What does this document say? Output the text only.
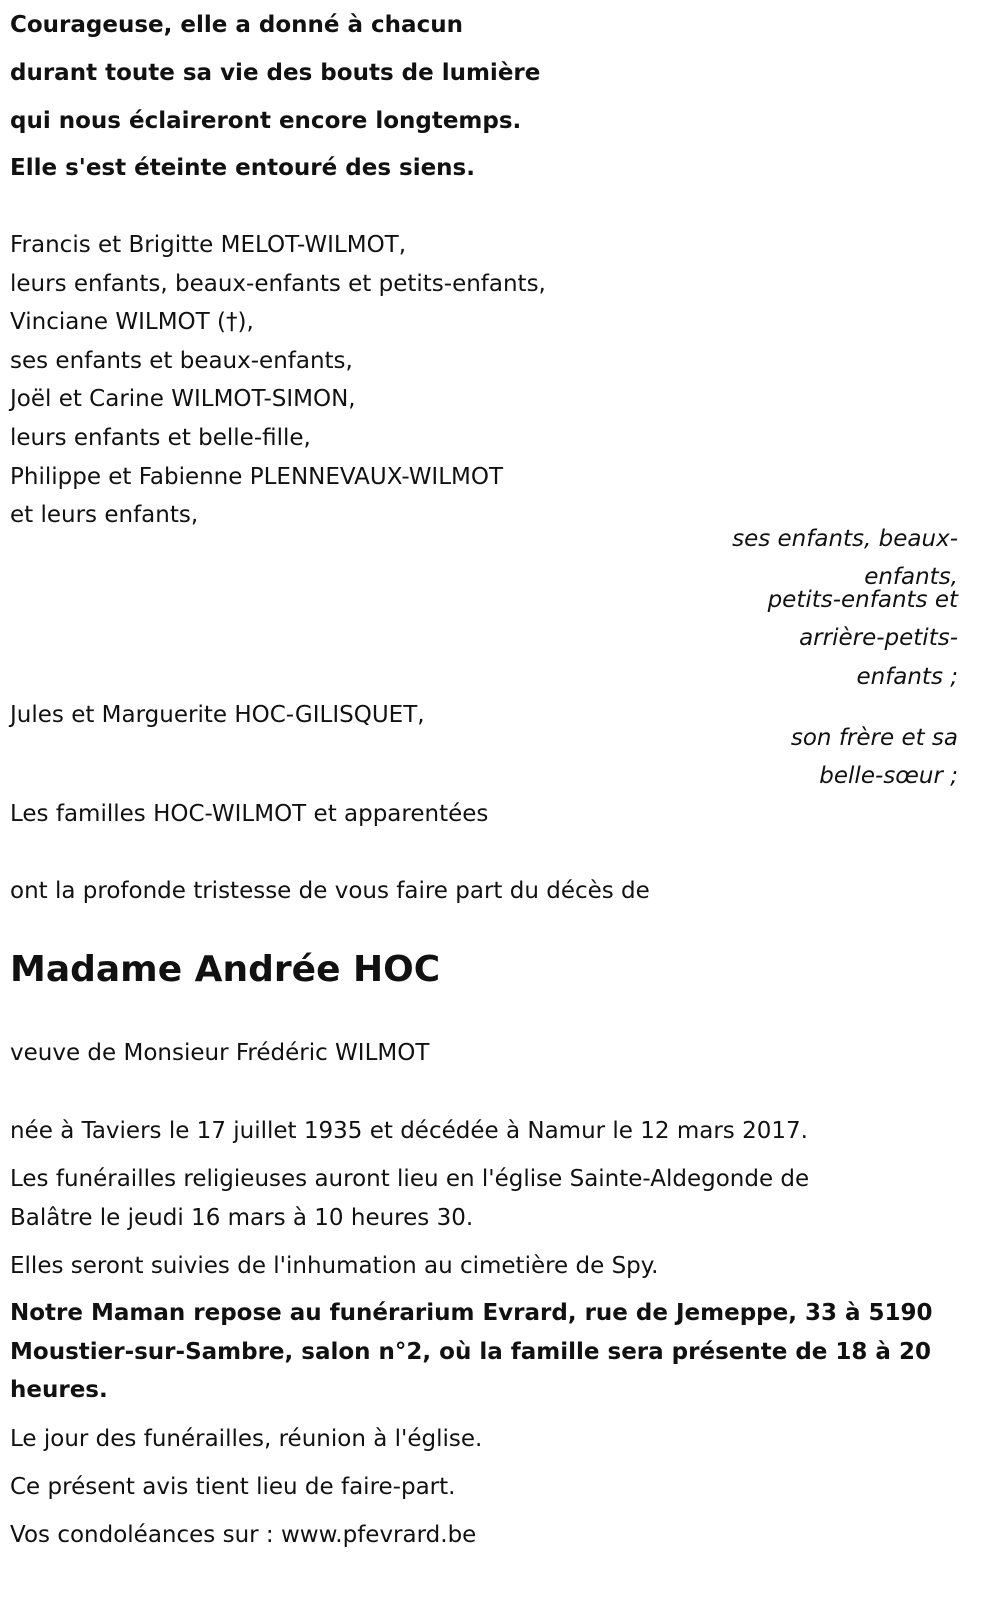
Courageuse, elle a donné à chacun
durant toute sa vie des bouts de lumière
qui nous éclaireront encore longtemps.
Elle s'est éteinte entouré des siens.
Francis et Brigitte MELOT-WILMOT,
leurs enfants, beaux-enfants et petits-enfants,
Vinciane WILMOT (†),
ses enfants et beaux-enfants,
Joël et Carine WILMOT-SIMON,
leurs enfants et belle-fille,
Philippe et Fabienne PLENNEVAUX-WILMOT
et leurs enfants,
ses enfants, beaux-
enfants,
petits-enfants et
arrière-petits-
enfants ;
Jules et Marguerite HOC-GILISQUET,
son frère et sa
belle-sœur ;
Les familles HOC-WILMOT et apparentées
ont la profonde tristesse de vous faire part du décès de
Madame Andrée HOC
veuve de Monsieur Frédéric WILMOT
née à Taviers le 17 juillet 1935 et décédée à Namur le 12 mars 2017.
Les funérailles religieuses auront lieu en l'église Sainte-Aldegonde de
Balâtre le jeudi 16 mars à 10 heures 30.
Elles seront suivies de l'inhumation au cimetière de Spy.
Notre Maman repose au funérarium Evrard, rue de Jemeppe, 33 à 5190
Moustier-sur-Sambre, salon n°2, où la famille sera présente de 18 à 20
heures.
Le jour des funérailles, réunion à l'église.
Ce présent avis tient lieu de faire-part.
Vos condoléances sur : www.pfevrard.be
